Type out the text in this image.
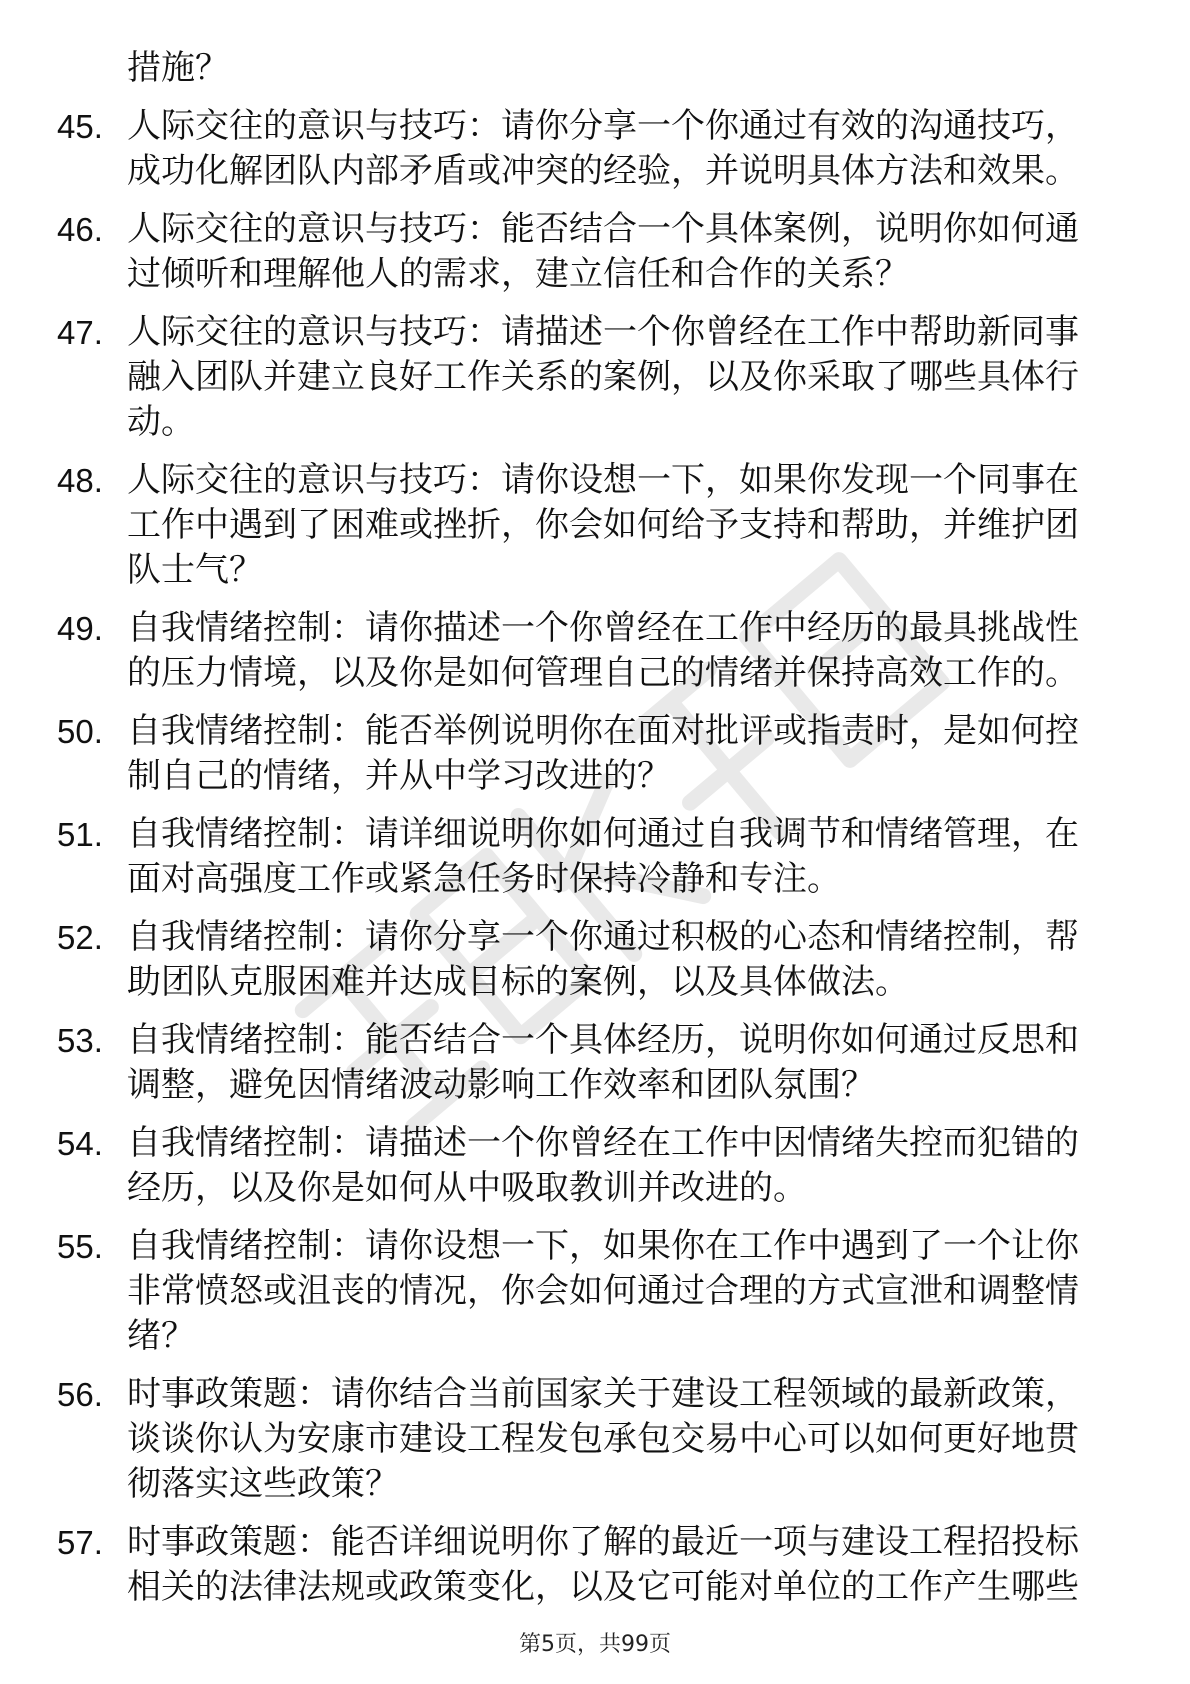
措施？
45. 人际交往的意识与技巧：请你分享一个你通过有效的沟通技巧，成功化解团队内部矛盾或冲突的经验，并说明具体方法和效果。
46. 人际交往的意识与技巧：能否结合一个具体案例，说明你如何通过倾听和理解他人的需求，建立信任和合作的关系？
47. 人际交往的意识与技巧：请描述一个你曾经在工作中帮助新同事融入团队并建立良好工作关系的案例，以及你采取了哪些具体行动。
48. 人际交往的意识与技巧：请你设想一下，如果你发现一个同事在工作中遇到了困难或挫折，你会如何给予支持和帮助，并维护团队士气？
49. 自我情绪控制：请你描述一个你曾经在工作中经历的最具挑战性的压力情境，以及你是如何管理自己的情绪并保持高效工作的。
50. 自我情绪控制：能否举例说明你在面对批评或指责时，是如何控制自己的情绪，并从中学习改进的？
51. 自我情绪控制：请详细说明你如何通过自我调节和情绪管理，在面对高强度工作或紧急任务时保持冷静和专注。
52. 自我情绪控制：请你分享一个你通过积极的心态和情绪控制，帮助团队克服困难并达成目标的案例，以及具体做法。
53. 自我情绪控制：能否结合一个具体经历，说明你如何通过反思和调整，避免因情绪波动影响工作效率和团队氛围？
54. 自我情绪控制：请描述一个你曾经在工作中因情绪失控而犯错的经历，以及你是如何从中吸取教训并改进的。
55. 自我情绪控制：请你设想一下，如果你在工作中遇到了一个让你非常愤怒或沮丧的情况，你会如何通过合理的方式宣泄和调整情绪？
56. 时事政策题：请你结合当前国家关于建设工程领域的最新政策，谈谈你认为安康市建设工程发包承包交易中心可以如何更好地贯彻落实这些政策？
57. 时事政策题：能否详细说明你了解的最近一项与建设工程招投标相关的法律法规或政策变化，以及它可能对单位的工作产生哪些
第5页，共99页
